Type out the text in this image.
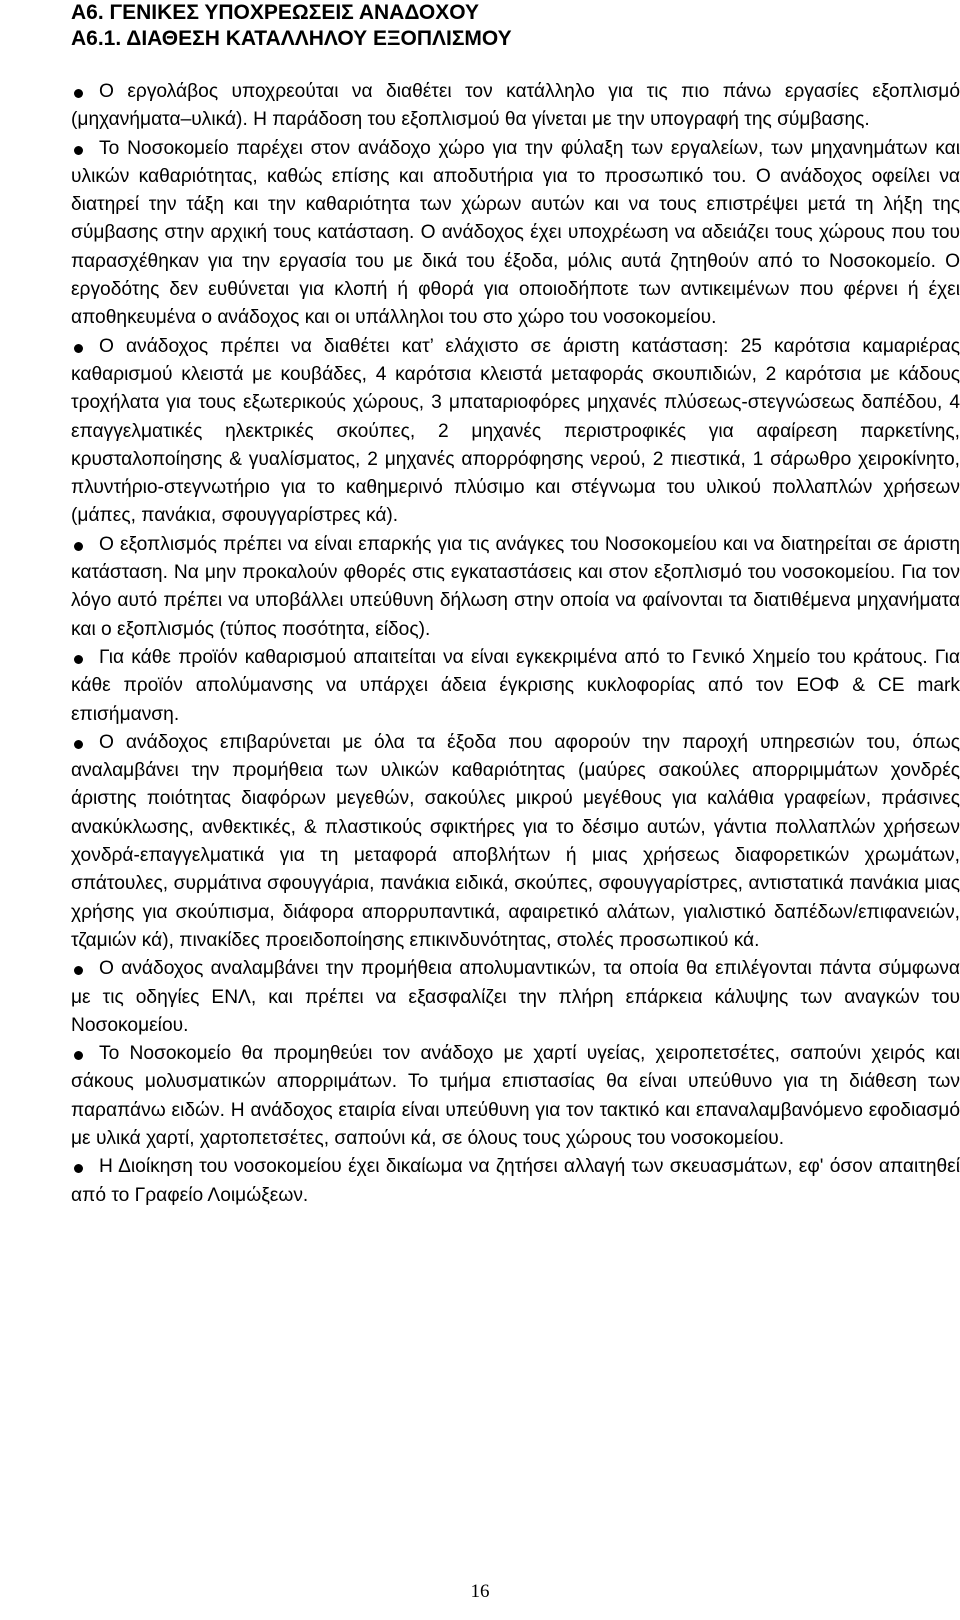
Α6. ΓΕΝΙΚΕΣ ΥΠΟΧΡΕΩΣΕΙΣ ΑΝΑΔΟΧΟΥ
Α6.1. ΔΙΑΘΕΣΗ ΚΑΤΑΛΛΗΛΟΥ ΕΞΟΠΛΙΣΜΟΥ

Ο εργολάβος υποχρεούται να διαθέτει τον κατάλληλο για τις πιο πάνω εργασίες εξοπλισμό (μηχανήματα–υλικά). Η παράδοση του εξοπλισμού θα γίνεται με την υπογραφή της σύμβασης.

Το Νοσοκομείο παρέχει στον ανάδοχο χώρο για την φύλαξη των εργαλείων, των μηχανημάτων και υλικών καθαριότητας, καθώς επίσης και αποδυτήρια για το προσωπικό του. Ο ανάδοχος οφείλει να διατηρεί την τάξη και την καθαριότητα των χώρων αυτών και να τους επιστρέψει μετά τη λήξη της σύμβασης στην αρχική τους κατάσταση. Ο ανάδοχος έχει υποχρέωση να αδειάζει τους χώρους που του παρασχέθηκαν για την εργασία του με δικά του έξοδα, μόλις αυτά ζητηθούν από το Νοσοκομείο. Ο εργοδότης δεν ευθύνεται για κλοπή ή φθορά για οποιοδήποτε των αντικειμένων που φέρνει ή έχει αποθηκευμένα ο ανάδοχος και οι υπάλληλοι του στο χώρο του νοσοκομείου.

Ο ανάδοχος πρέπει να διαθέτει κατ’ ελάχιστο σε άριστη κατάσταση: 25 καρότσια καμαριέρας καθαρισμού κλειστά με κουβάδες, 4 καρότσια κλειστά μεταφοράς σκουπιδιών, 2 καρότσια με κάδους τροχήλατα για τους εξωτερικούς χώρους, 3 μπαταριοφόρες μηχανές πλύσεως-στεγνώσεως δαπέδου, 4 επαγγελματικές ηλεκτρικές σκούπες, 2 μηχανές περιστροφικές για αφαίρεση παρκετίνης, κρυσταλοποίησης & γυαλίσματος, 2 μηχανές απορρόφησης νερού, 2 πιεστικά, 1 σάρωθρο χειροκίνητο, πλυντήριο-στεγνωτήριο για το καθημερινό πλύσιμο και στέγνωμα του υλικού πολλαπλών χρήσεων (μάπες, πανάκια, σφουγγαρίστρες κά).

Ο εξοπλισμός πρέπει να είναι επαρκής για τις ανάγκες του Νοσοκομείου και να διατηρείται σε άριστη κατάσταση. Να μην προκαλούν φθορές στις εγκαταστάσεις και στον εξοπλισμό του νοσοκομείου. Για τον λόγο αυτό πρέπει να υποβάλλει υπεύθυνη δήλωση στην οποία να φαίνονται τα διατιθέμενα μηχανήματα και ο εξοπλισμός (τύπος ποσότητα, είδος).

Για κάθε προϊόν καθαρισμού απαιτείται να είναι εγκεκριμένα από το Γενικό Χημείο του κράτους. Για κάθε προϊόν απολύμανσης να υπάρχει άδεια έγκρισης κυκλοφορίας από τον ΕΟΦ & CE mark επισήμανση.

Ο ανάδοχος επιβαρύνεται με όλα τα έξοδα που αφορούν την παροχή υπηρεσιών του, όπως αναλαμβάνει την προμήθεια των υλικών καθαριότητας (μαύρες σακούλες απορριμμάτων χονδρές άριστης ποιότητας διαφόρων μεγεθών, σακούλες μικρού μεγέθους για καλάθια γραφείων, πράσινες ανακύκλωσης, ανθεκτικές, & πλαστικούς σφικτήρες για το δέσιμο αυτών, γάντια πολλαπλών χρήσεων χονδρά-επαγγελματικά για τη μεταφορά αποβλήτων ή μιας χρήσεως διαφορετικών χρωμάτων, σπάτουλες, συρμάτινα σφουγγάρια, πανάκια ειδικά, σκούπες, σφουγγαρίστρες, αντιστατικά πανάκια μιας χρήσης για σκούπισμα, διάφορα απορρυπαντικά, αφαιρετικό αλάτων, γιαλιστικό δαπέδων/επιφανειών, τζαμιών κά), πινακίδες προειδοποίησης επικινδυνότητας, στολές προσωπικού κά.

Ο ανάδοχος αναλαμβάνει την προμήθεια απολυμαντικών, τα οποία θα επιλέγονται πάντα σύμφωνα με τις οδηγίες ΕΝΛ, και πρέπει να εξασφαλίζει την πλήρη επάρκεια κάλυψης των αναγκών του Νοσοκομείου.

Το Νοσοκομείο θα προμηθεύει τον ανάδοχο με χαρτί υγείας, χειροπετσέτες, σαπούνι χειρός και σάκους μολυσματικών απορριμάτων. Το τμήμα επιστασίας θα είναι υπεύθυνο για τη διάθεση των παραπάνω ειδών. Η ανάδοχος εταιρία είναι υπεύθυνη για τον τακτικό και επαναλαμβανόμενο εφοδιασμό με υλικά χαρτί, χαρτοπετσέτες, σαπούνι κά, σε όλους τους χώρους του νοσοκομείου.

Η Διοίκηση του νοσοκομείου έχει δικαίωμα να ζητήσει αλλαγή των σκευασμάτων, εφ' όσον απαιτηθεί από το Γραφείο Λοιμώξεων.

16
